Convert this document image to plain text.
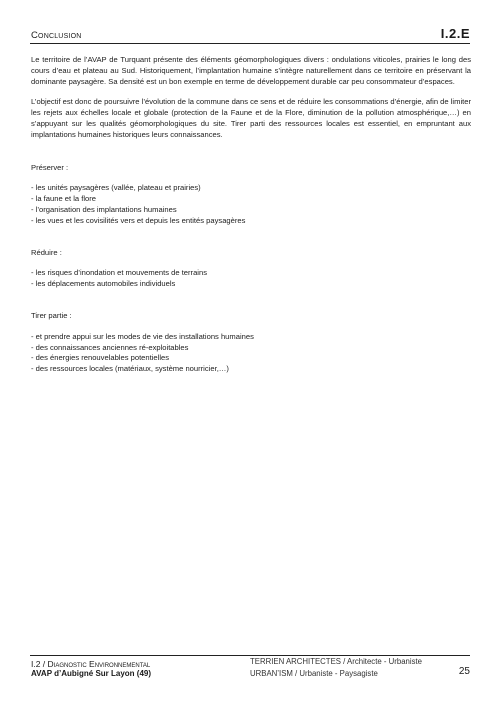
Conclusion	I.2.E

Le territoire de l’AVAP de Turquant présente des éléments géomorphologiques divers : ondulations viticoles, prairies le long des cours d’eau et plateau au Sud. Historiquement, l’implantation humaine s’intègre naturellement dans ce territoire en préservant la dominante paysagère. Sa densité est un bon exemple en terme de développement durable car peu consommateur d’espaces.

L’objectif est donc de poursuivre l’évolution de la commune dans ce sens et de réduire les consommations d’énergie, afin de limiter les rejets aux échelles locale et globale (protection de la Faune et de la Flore, diminution de la pollution atmosphérique,…) en s’appuyant sur les qualités géomorphologiques du site. Tirer parti des ressources locales est essentiel, en empruntant aux implantations humaines historiques leurs connaissances.

Préserver :

- les unités paysagères (vallée, plateau et prairies)
- la faune et la flore
- l’organisation des implantations humaines
- les vues et les covisilités vers et depuis les entités paysagères

Réduire :

- les risques d’inondation et mouvements de terrains
- les déplacements automobiles individuels

Tirer partie :

- et prendre appui sur les modes de vie des installations humaines
- des connaissances anciennes ré-exploitables
- des énergies renouvelables potentielles
- des ressources locales (matériaux, système nourricier,…)
I.2 / Diagnostic Environnemental
AVAP d’Aubigné Sur Layon (49)
TERRIEN ARCHITECTES / Architecte - Urbaniste
URBAN’ISM / Urbaniste - Paysagiste	25
